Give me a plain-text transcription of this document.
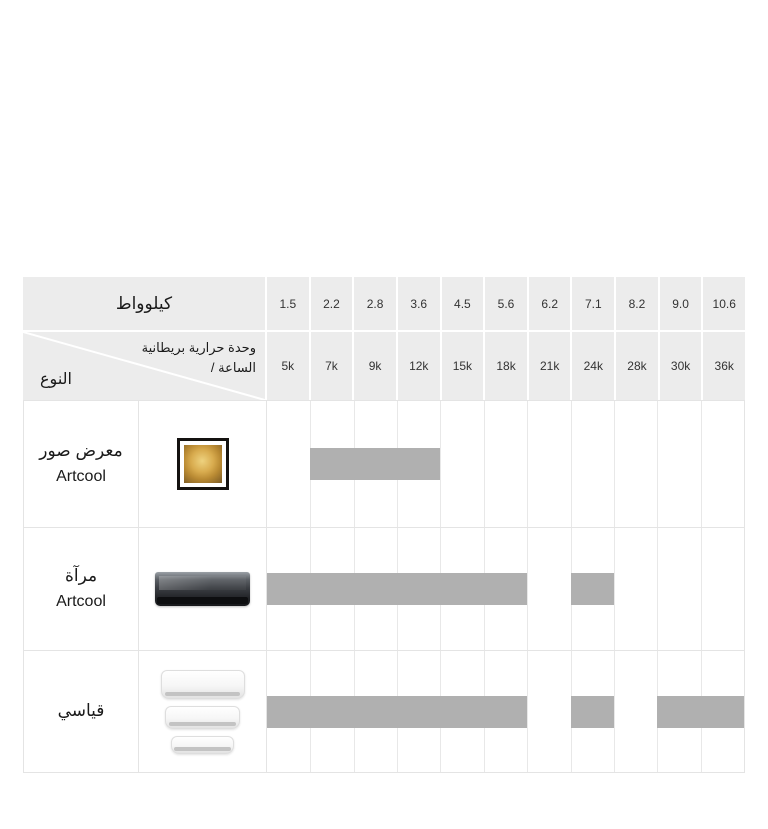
كيلوواط	1.5	2.2	2.8	3.6	4.5	5.6	6.2	7.1	8.2	9.0	10.6
وحدة حرارية بريطانية
/ الساعة
النوع
5k	7k	9k	12k	15k	18k	21k	24k	28k	30k	36k
معرض صور
Artcool
مرآة
Artcool
قياسي
